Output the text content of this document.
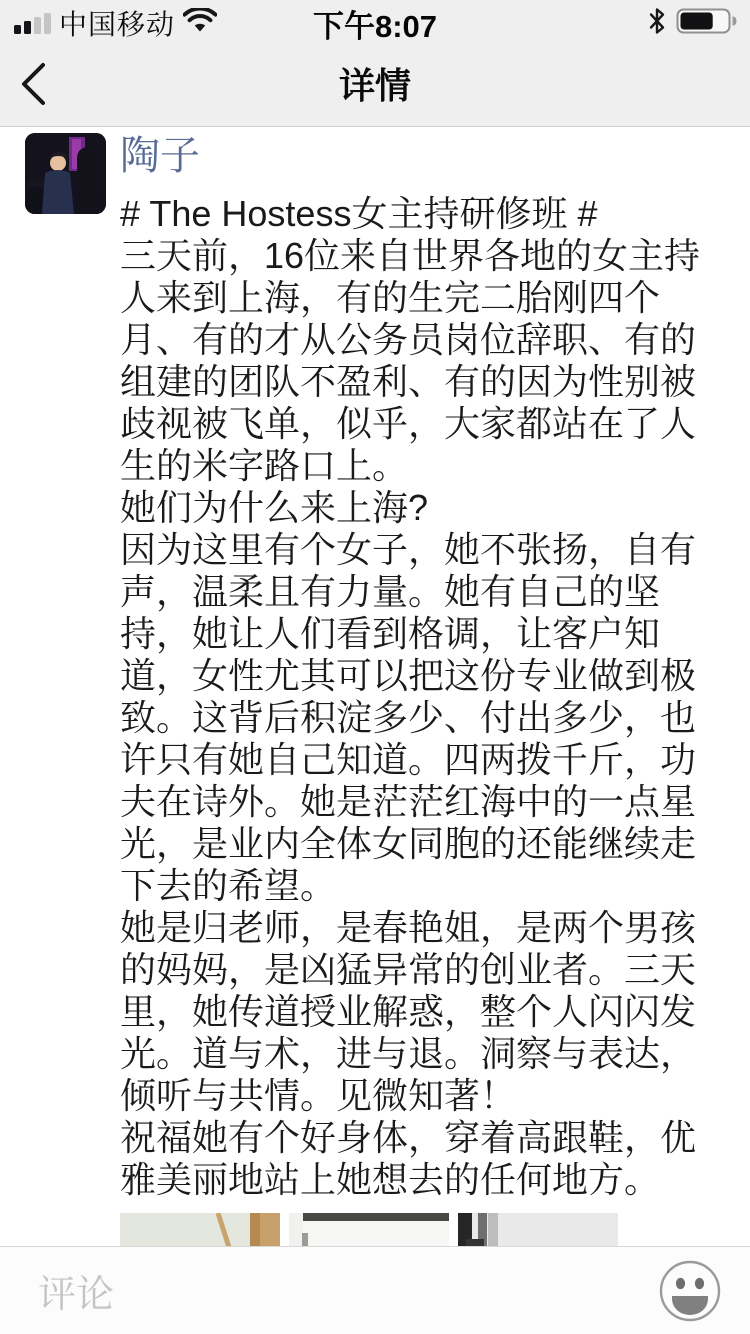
中国移动	下午8:07
详情
陶子

# The Hostess女主持研修班 #

三天前，16位来自世界各地的女主持人来到上海，有的生完二胎刚四个月、有的才从公务员岗位辞职、有的组建的团队不盈利、有的因为性别被歧视被飞单，似乎，大家都站在了人生的米字路口上。

她们为什么来上海?

因为这里有个女子，她不张扬，自有声，温柔且有力量。她有自己的坚持，她让人们看到格调，让客户知道，女性尤其可以把这份专业做到极致。这背后积淀多少、付出多少，也许只有她自己知道。四两拨千斤，功夫在诗外。她是茫茫红海中的一点星光，是业内全体女同胞的还能继续走下去的希望。

她是归老师，是春艳姐，是两个男孩的妈妈，是凶猛异常的创业者。三天里，她传道授业解惑，整个人闪闪发光。道与术，进与退。洞察与表达，倾听与共情。见微知著！

祝福她有个好身体，穿着高跟鞋，优雅美丽地站上她想去的任何地方。

评论
